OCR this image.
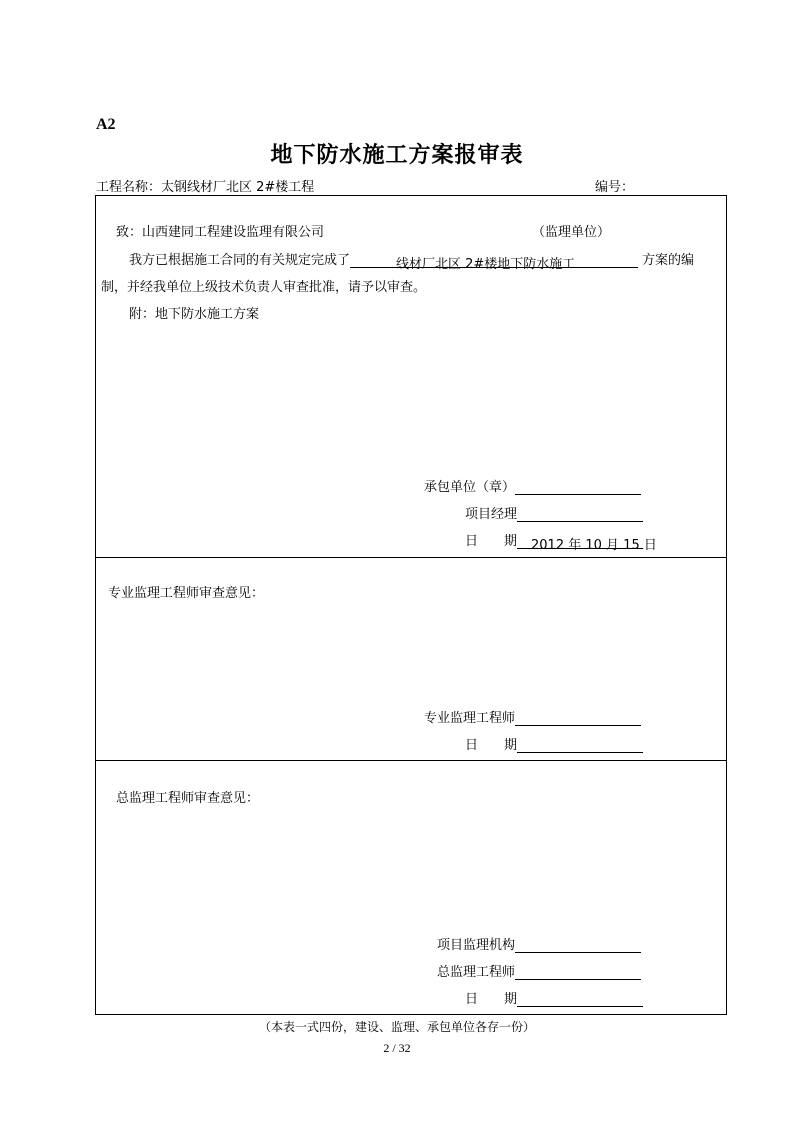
A2
地下防水施工方案报审表
工程名称：太钢线材厂北区 2#楼工程	编号：
致：山西建同工程建设监理有限公司	（监理单位）
我方已根据施工合同的有关规定完成了	线材厂北区 2#楼地下防水施工	方案的编
制，并经我单位上级技术负责人审查批准，请予以审查。
附：地下防水施工方案
承包单位（章）
项目经理
日　　期 2012 年 10 月 15 日
专业监理工程师审查意见：
专业监理工程师
日　　期
总监理工程师审查意见：
项目监理机构
总监理工程师
日　　期
（本表一式四份，建设、监理、承包单位各存一份）
2 / 32
